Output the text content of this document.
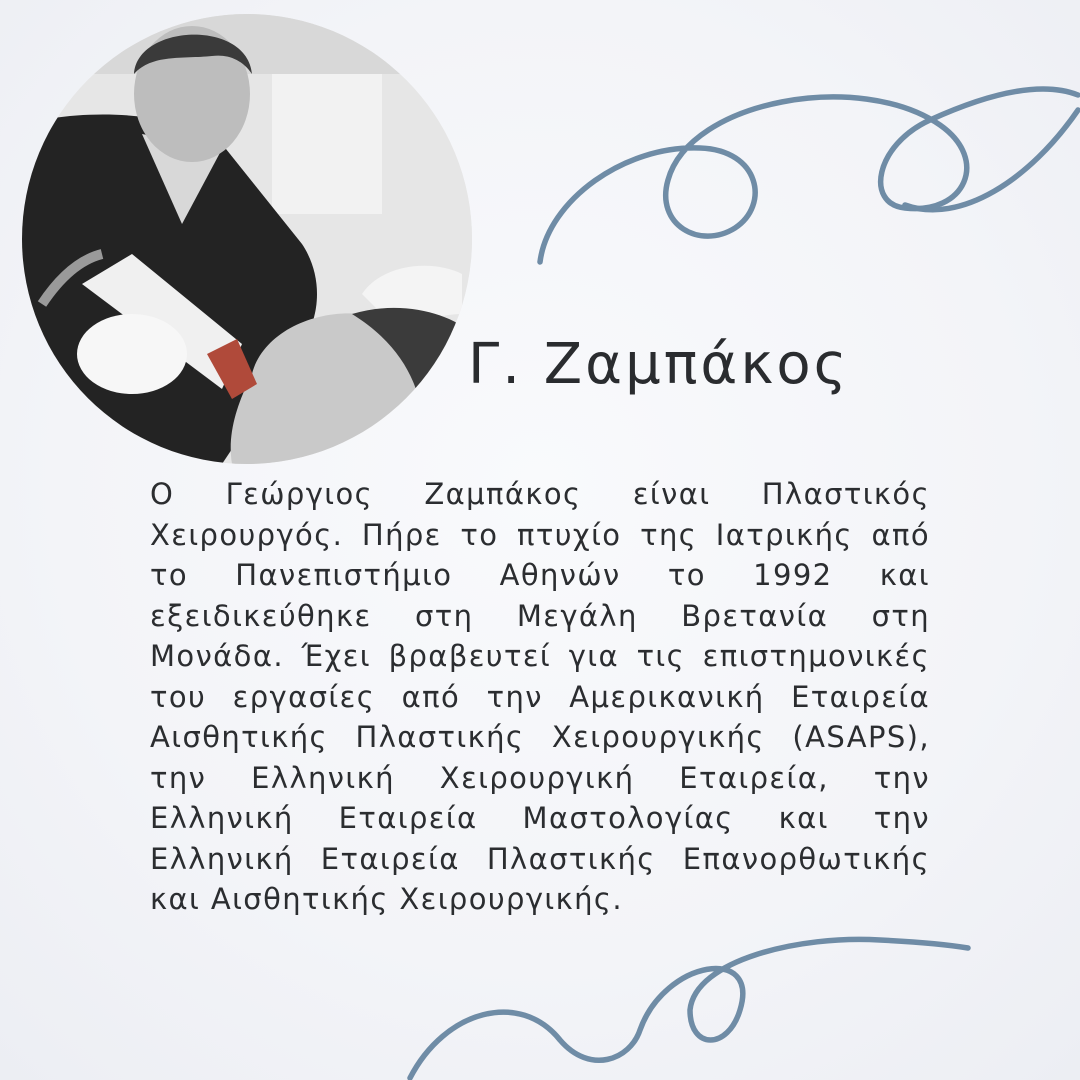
Γ. Ζαμπάκος

Ο Γεώργιος Ζαμπάκος είναι Πλαστικός Χειρουργός. Πήρε το πτυχίο της Ιατρικής από το Πανεπιστήμιο Αθηνών το 1992 και εξειδικεύθηκε στη Μεγάλη Βρετανία στη Μονάδα. Έχει βραβευτεί για τις επιστημονικές του εργασίες από την Αμερικανική Εταιρεία Αισθητικής Πλαστικής Χειρουργικής (ASAPS), την Ελληνική Χειρουργική Εταιρεία, την Ελληνική Εταιρεία Μαστολογίας και την Ελληνική Εταιρεία Πλαστικής Επανορθωτικής και Αισθητικής Χειρουργικής.
